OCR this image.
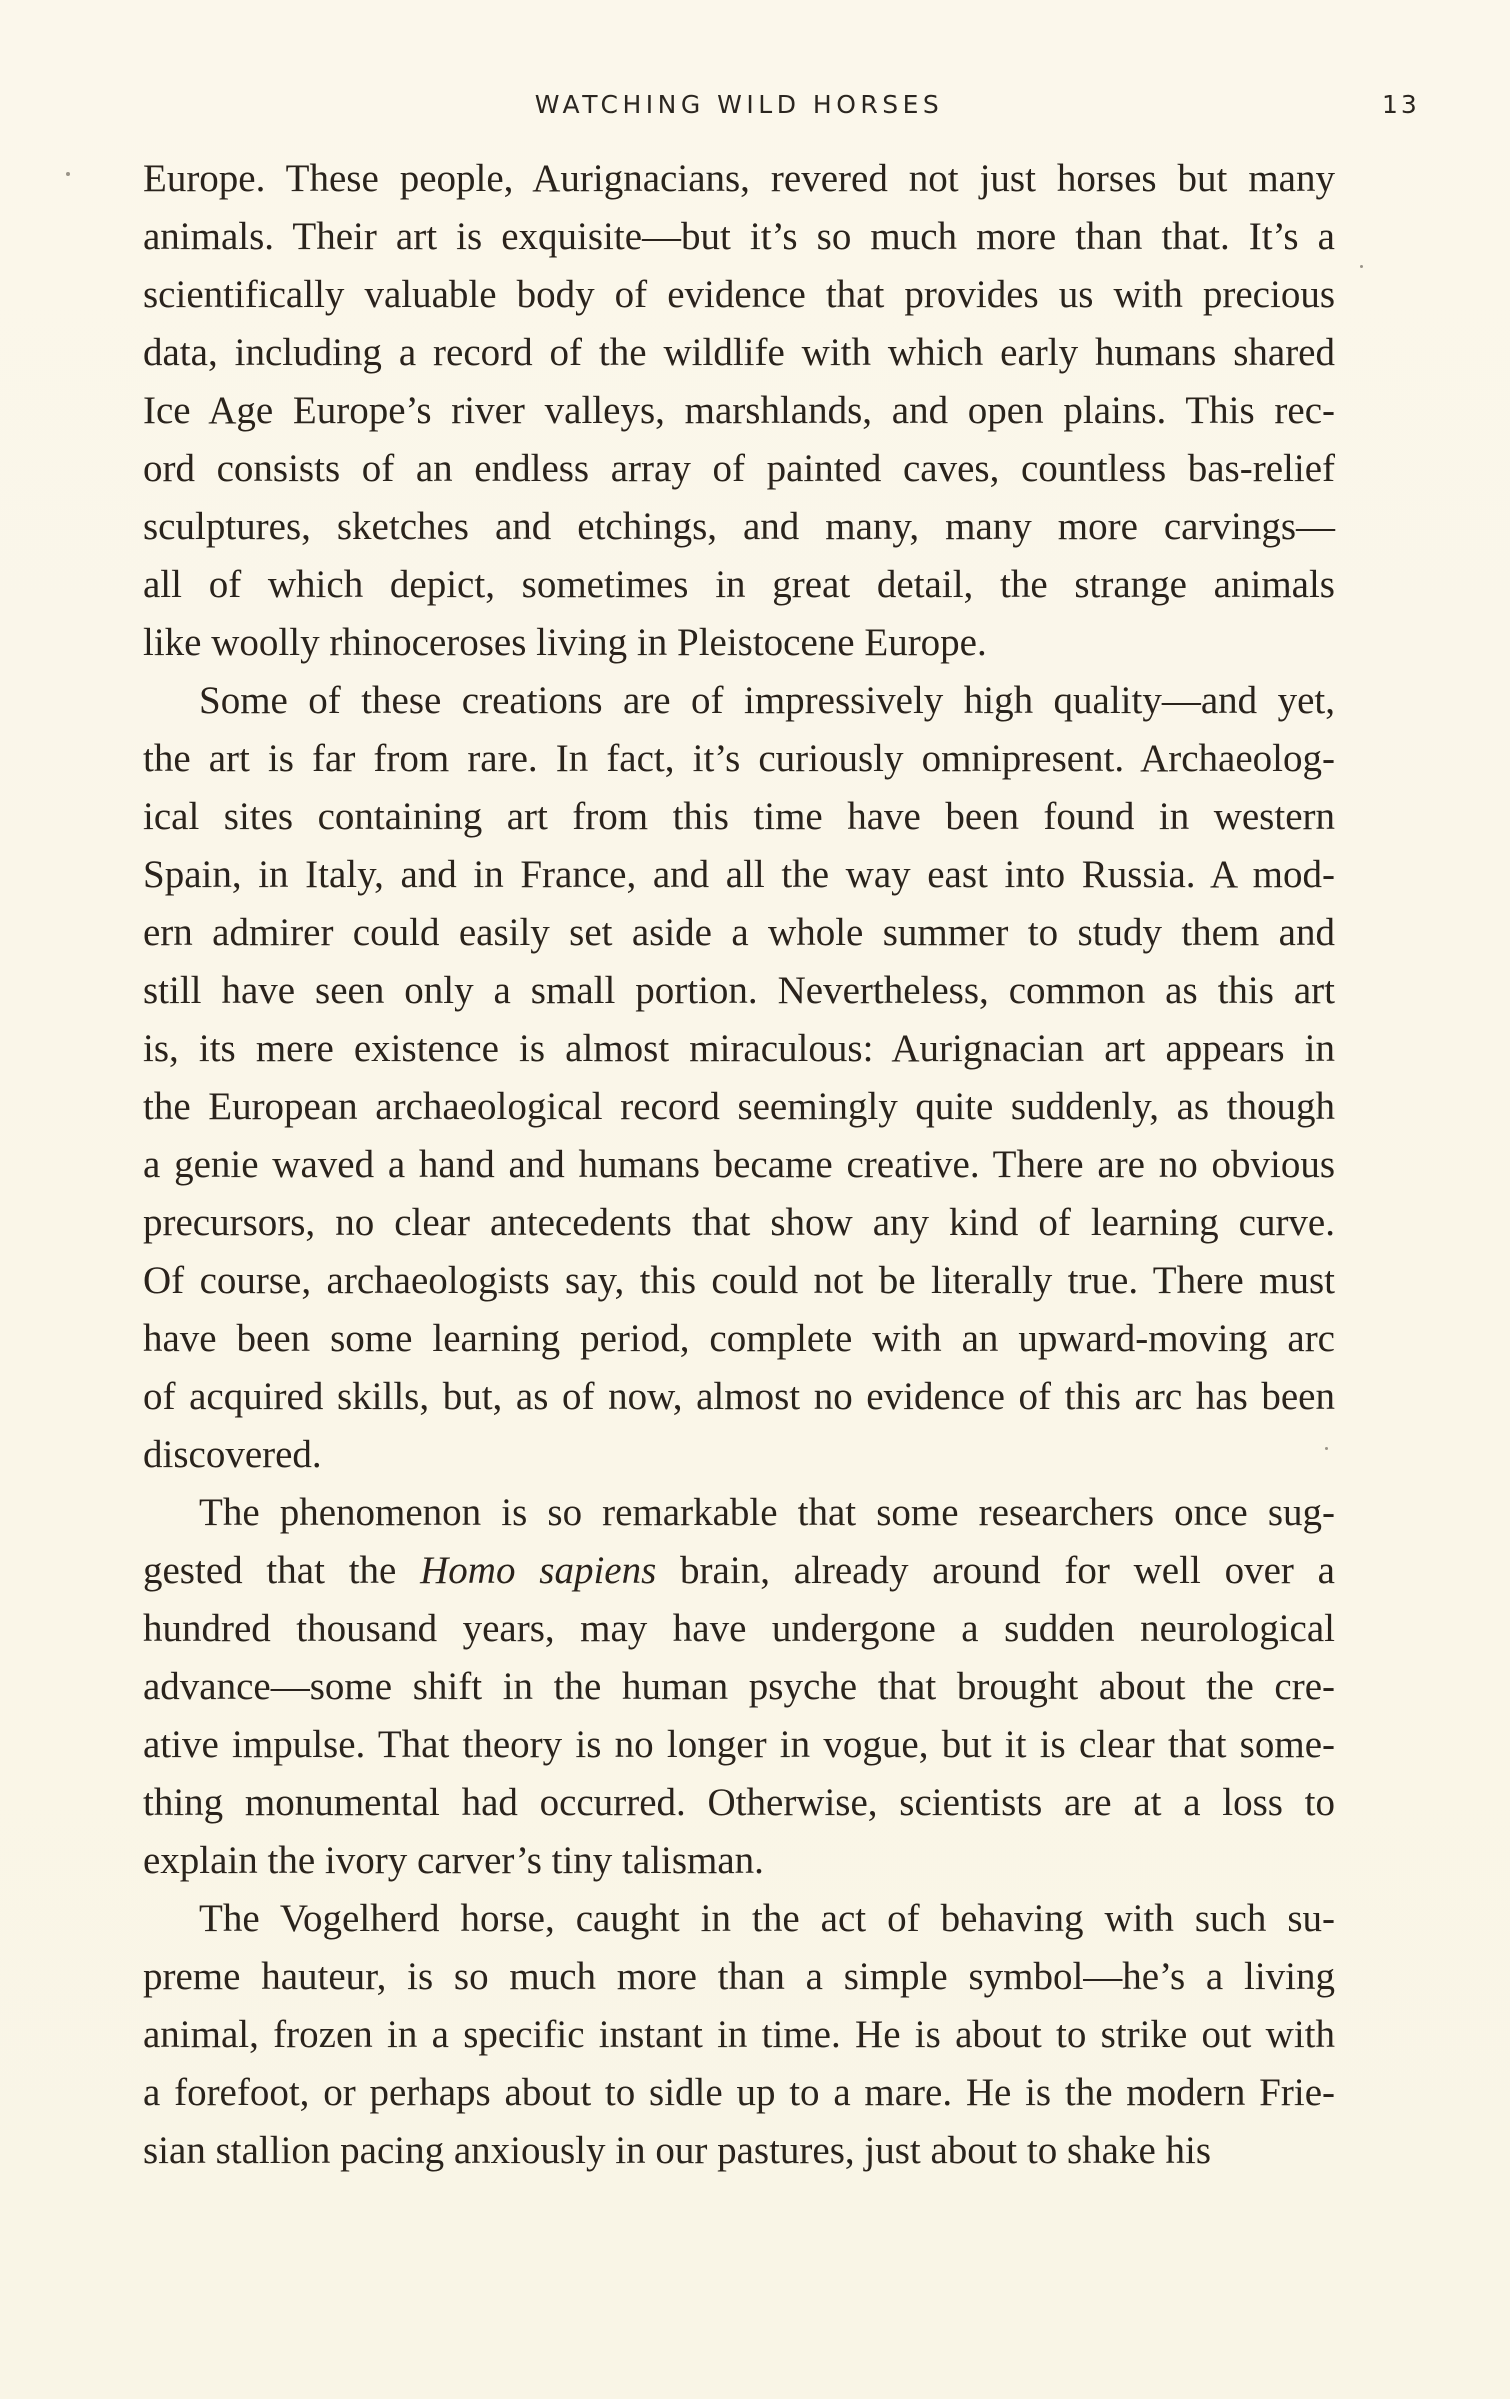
WATCHING WILD HORSES	13
Europe. These people, Aurignacians, revered not just horses but many
animals. Their art is exquisite—but it’s so much more than that. It’s a
scientifically valuable body of evidence that provides us with precious
data, including a record of the wildlife with which early humans shared
Ice Age Europe’s river valleys, marshlands, and open plains. This rec-
ord consists of an endless array of painted caves, countless bas-relief
sculptures, sketches and etchings, and many, many more carvings—
all of which depict, sometimes in great detail, the strange animals
like woolly rhinoceroses living in Pleistocene Europe.
Some of these creations are of impressively high quality—and yet,
the art is far from rare. In fact, it’s curiously omnipresent. Archaeolog-
ical sites containing art from this time have been found in western
Spain, in Italy, and in France, and all the way east into Russia. A mod-
ern admirer could easily set aside a whole summer to study them and
still have seen only a small portion. Nevertheless, common as this art
is, its mere existence is almost miraculous: Aurignacian art appears in
the European archaeological record seemingly quite suddenly, as though
a genie waved a hand and humans became creative. There are no obvious
precursors, no clear antecedents that show any kind of learning curve.
Of course, archaeologists say, this could not be literally true. There must
have been some learning period, complete with an upward-moving arc
of acquired skills, but, as of now, almost no evidence of this arc has been
discovered.
The phenomenon is so remarkable that some researchers once sug-
gested that the Homo sapiens brain, already around for well over a
hundred thousand years, may have undergone a sudden neurological
advance—some shift in the human psyche that brought about the cre-
ative impulse. That theory is no longer in vogue, but it is clear that some-
thing monumental had occurred. Otherwise, scientists are at a loss to
explain the ivory carver’s tiny talisman.
The Vogelherd horse, caught in the act of behaving with such su-
preme hauteur, is so much more than a simple symbol—he’s a living
animal, frozen in a specific instant in time. He is about to strike out with
a forefoot, or perhaps about to sidle up to a mare. He is the modern Frie-
sian stallion pacing anxiously in our pastures, just about to shake his
